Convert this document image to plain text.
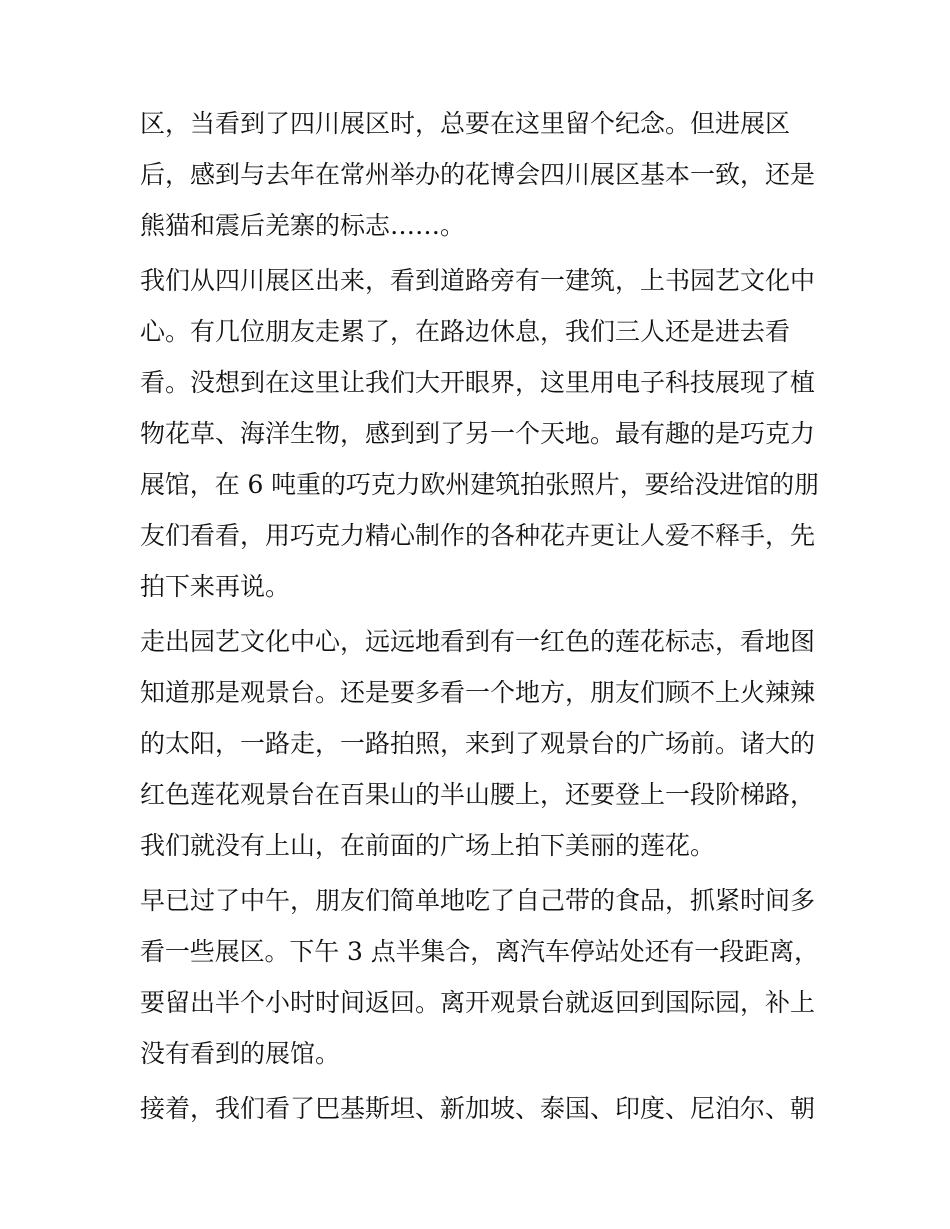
区，当看到了四川展区时，总要在这里留个纪念。但进展区
后，感到与去年在常州举办的花博会四川展区基本一致，还是
熊猫和震后羌寨的标志……。
我们从四川展区出来，看到道路旁有一建筑，上书园艺文化中
心。有几位朋友走累了，在路边休息，我们三人还是进去看
看。没想到在这里让我们大开眼界，这里用电子科技展现了植
物花草、海洋生物，感到到了另一个天地。最有趣的是巧克力
展馆，在 6 吨重的巧克力欧州建筑拍张照片，要给没进馆的朋
友们看看，用巧克力精心制作的各种花卉更让人爱不释手，先
拍下来再说。
走出园艺文化中心，远远地看到有一红色的莲花标志，看地图
知道那是观景台。还是要多看一个地方，朋友们顾不上火辣辣
的太阳，一路走，一路拍照，来到了观景台的广场前。诸大的
红色莲花观景台在百果山的半山腰上，还要登上一段阶梯路，
我们就没有上山，在前面的广场上拍下美丽的莲花。
早已过了中午，朋友们简单地吃了自己带的食品，抓紧时间多
看一些展区。下午 3 点半集合，离汽车停站处还有一段距离，
要留出半个小时时间返回。离开观景台就返回到国际园，补上
没有看到的展馆。
接着，我们看了巴基斯坦、新加坡、泰国、印度、尼泊尔、朝
